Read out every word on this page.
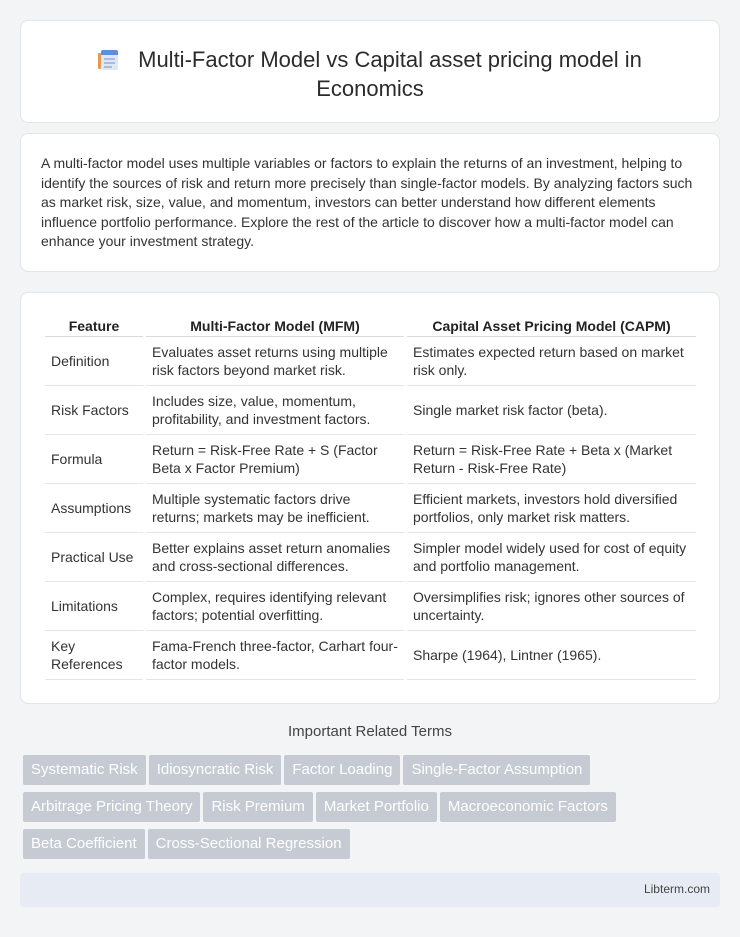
Multi-Factor Model vs Capital asset pricing model in
Economics

A multi-factor model uses multiple variables or factors to explain the returns of an investment, helping to identify the sources of risk and return more precisely than single-factor models. By analyzing factors such as market risk, size, value, and momentum, investors can better understand how different elements influence portfolio performance. Explore the rest of the article to discover how a multi-factor model can enhance your investment strategy.

Feature	Multi-Factor Model (MFM)	Capital Asset Pricing Model (CAPM)
Definition	Evaluates asset returns using multiple risk factors beyond market risk.	Estimates expected return based on market risk only.
Risk Factors	Includes size, value, momentum, profitability, and investment factors.	Single market risk factor (beta).
Formula	Return = Risk-Free Rate + S (Factor Beta x Factor Premium)	Return = Risk-Free Rate + Beta x (Market Return - Risk-Free Rate)
Assumptions	Multiple systematic factors drive returns; markets may be inefficient.	Efficient markets, investors hold diversified portfolios, only market risk matters.
Practical Use	Better explains asset return anomalies and cross-sectional differences.	Simpler model widely used for cost of equity and portfolio management.
Limitations	Complex, requires identifying relevant factors; potential overfitting.	Oversimplifies risk; ignores other sources of uncertainty.
Key References	Fama-French three-factor, Carhart four-factor models.	Sharpe (1964), Lintner (1965).
Important Related Terms
Systematic Risk Idiosyncratic Risk Factor Loading Single-Factor Assumption
Arbitrage Pricing Theory Risk Premium Market Portfolio Macroeconomic Factors
Beta Coefficient Cross-Sectional Regression
Libterm.com
